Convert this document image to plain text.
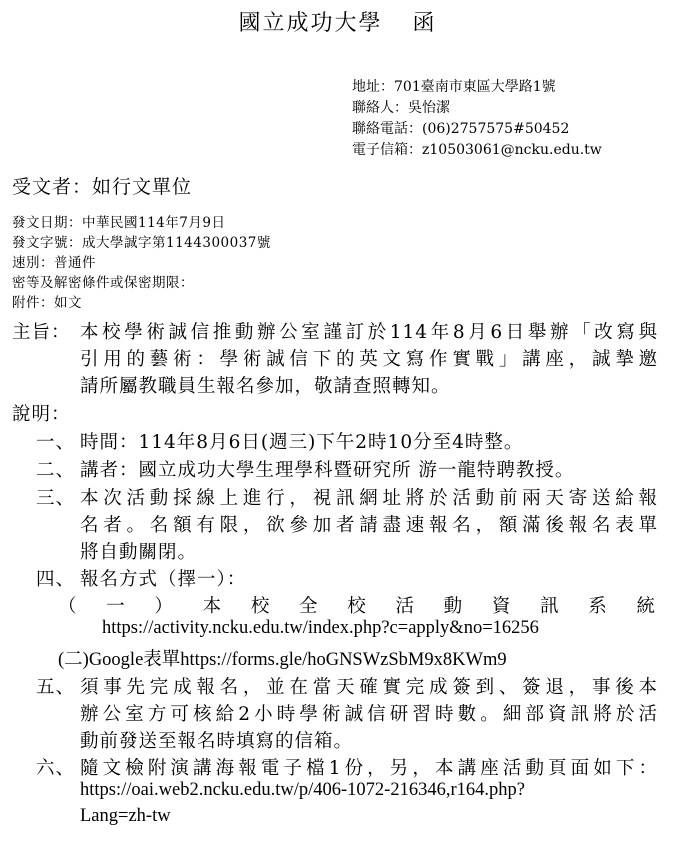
國立成功大學 函
地址：701臺南市東區大學路1號
聯絡人：吳怡潔
聯絡電話：(06)2757575#50452
電子信箱：z10503061@ncku.edu.tw
受文者：如行文單位
發文日期：中華民國114年7月9日
發文字號：成大學誠字第1144300037號
速別：普通件
密等及解密條件或保密期限：
附件：如文
主旨： 本校學術誠信推動辦公室謹訂於114年8月6日舉辦「改寫與
引用的藝術：學術誠信下的英文寫作實戰」講座，誠摯邀
請所屬教職員生報名參加，敬請查照轉知。
說明：
一、 時間：114年8月6日(週三)下午2時10分至4時整。
二、 講者：國立成功大學生理學科暨研究所 游一龍特聘教授。
三、 本次活動採線上進行，視訊網址將於活動前兩天寄送給報
名者。名額有限，欲參加者請盡速報名，額滿後報名表單
將自動關閉。
四、 報名方式（擇一）：
（一）本校全校活動資訊系統
https://activity.ncku.edu.tw/index.php?c=apply&no=16256
(二)Google表單https://forms.gle/hoGNSWzSbM9x8KWm9
五、 須事先完成報名，並在當天確實完成簽到、簽退，事後本
辦公室方可核給2小時學術誠信研習時數。細部資訊將於活
動前發送至報名時填寫的信箱。
六、 隨文檢附演講海報電子檔1份，另，本講座活動頁面如下：
https://oai.web2.ncku.edu.tw/p/406-1072-216346,r164.php?
Lang=zh-tw
